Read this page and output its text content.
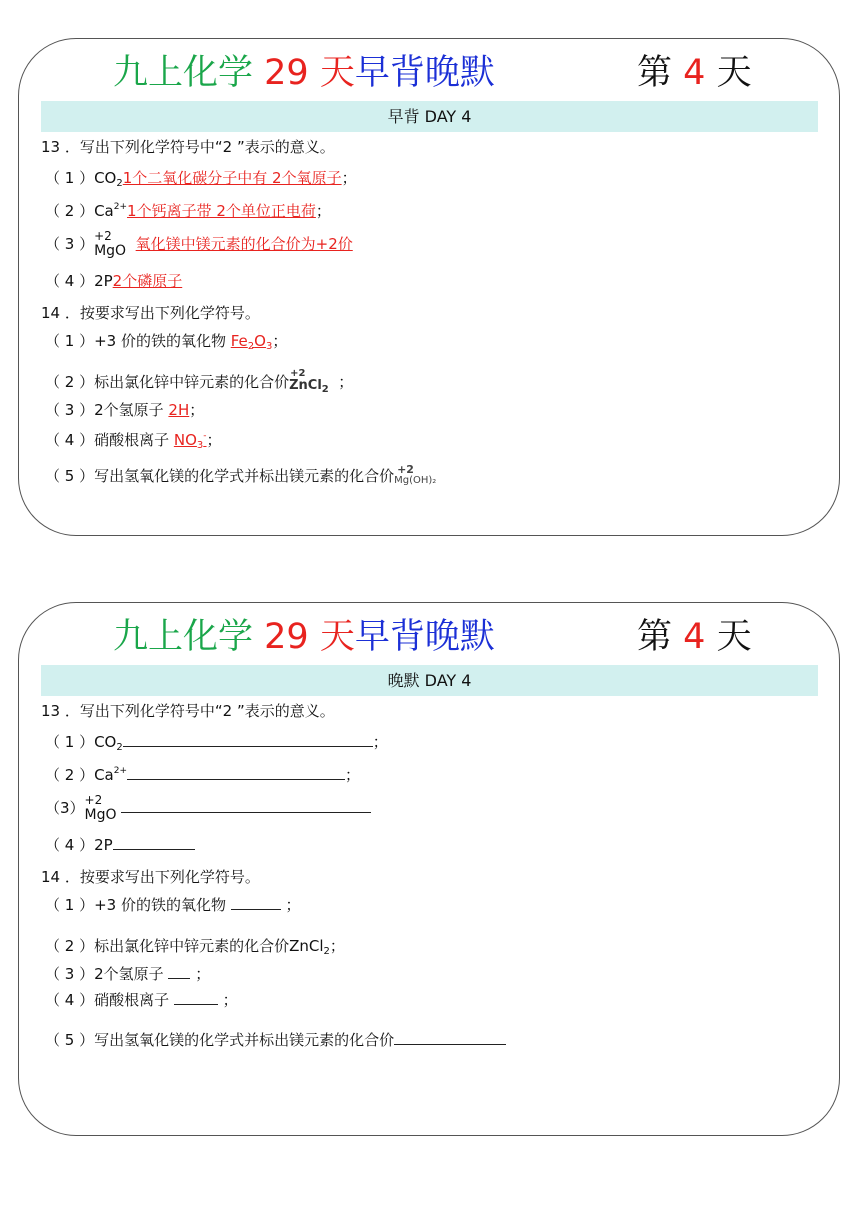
九上化学 29 天早背晚默	第 4 天
早背 DAY 4
13 ．写出下列化学符号中“2 ”表示的意义。
（ 1 ）$CO_21$个二氧化碳分子中有 2个氧原子；
（ 2 ）$Ca^{2+}1$个钙离子带 2个单位正电荷；
（ 3 ） +2
MgO 氧化镁中镁元素的化合价为+2价
（ 4 ）2P2个磷原子
14 ．按要求写出下列化学符号。
（ 1 ）+3 价的铁的氧化物 $Fe_2O_3$；
（ 2 ）标出氯化锌中锌元素的化合价 +2
ZnCl$_2$ ；
（ 3 ）2个氢原子 2H；
（ 4 ）硝酸根离子 $NO_3^-$；
（ 5 ）写出氢氧化镁的化学式并标出镁元素的化合价 +2
Mg(OH)₂
九上化学 29 天早背晚默	第 4 天
晚默 DAY 4
13 ．写出下列化学符号中“2 ”表示的意义。
（ 1 ）$CO_2$	；
（ 2 ）$Ca^{2+}$	；
（3） +2
MgO
（ 4 ）2P
14 ．按要求写出下列化学符号。
（ 1 ）+3 价的铁的氧化物	；
（ 2 ）标出氯化锌中锌元素的化合价ZnCl$_2$；
（ 3 ）2个氢原子  ；
（ 4 ）硝酸根离子	；
（ 5 ）写出氢氧化镁的化学式并标出镁元素的化合价
